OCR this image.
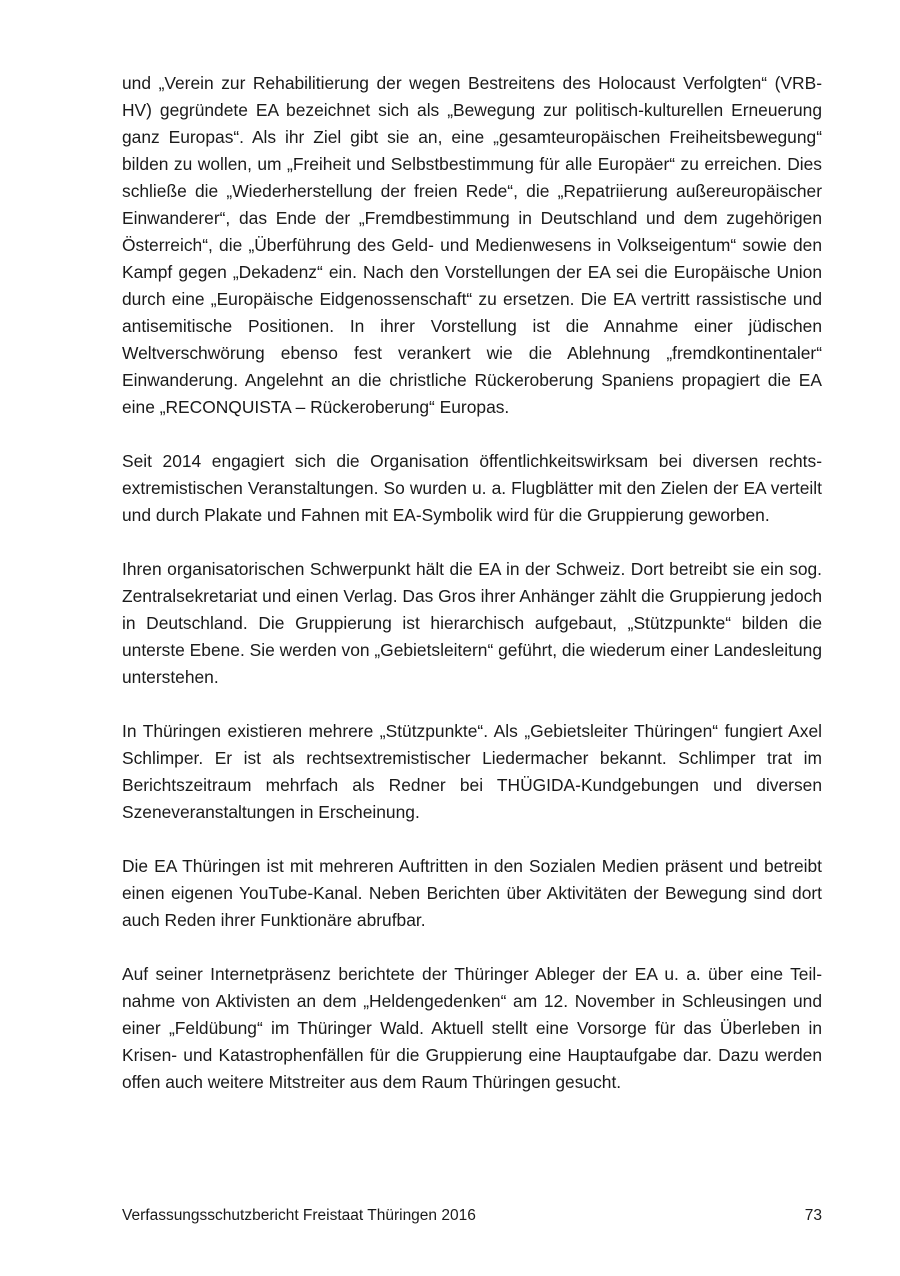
und „Verein zur Rehabilitierung der wegen Bestreitens des Holocaust Verfolgten“ (VRB-HV) gegründete EA bezeichnet sich als „Bewegung zur politisch-kulturellen Erneuerung ganz Europas“. Als ihr Ziel gibt sie an, eine „gesamteuropäischen Freiheitsbewegung“ bilden zu wollen, um „Freiheit und Selbstbestimmung für alle Europäer“ zu erreichen. Dies schließe die „Wiederherstellung der freien Rede“, die „Repatriierung außereuropäischer Einwanderer“, das Ende der „Fremdbestimmung in Deutschland und dem zugehörigen Österreich“, die „Überführung des Geld- und Medienwesens in Volkseigentum“ sowie den Kampf gegen „Dekadenz“ ein. Nach den Vorstellungen der EA sei die Europäische Union durch eine „Europäische Eidgenossenschaft“ zu ersetzen. Die EA vertritt rassistische und antisemitische Positionen. In ihrer Vorstellung ist die Annahme einer jüdischen Weltverschwörung ebenso fest verankert wie die Ablehnung „fremdkontinentaler“ Einwanderung. Angelehnt an die christliche Rückeroberung Spaniens propagiert die EA eine „RECONQUISTA – Rückeroberung“ Europas.

Seit 2014 engagiert sich die Organisation öffentlichkeitswirksam bei diversen rechtsextremistischen Veranstaltungen. So wurden u. a. Flugblätter mit den Zielen der EA verteilt und durch Plakate und Fahnen mit EA-Symbolik wird für die Gruppierung geworben.

Ihren organisatorischen Schwerpunkt hält die EA in der Schweiz. Dort betreibt sie ein sog. Zentralsekretariat und einen Verlag. Das Gros ihrer Anhänger zählt die Gruppierung jedoch in Deutschland. Die Gruppierung ist hierarchisch aufgebaut, „Stützpunkte“ bilden die unterste Ebene. Sie werden von „Gebietsleitern“ geführt, die wiederum einer Landesleitung unterstehen.

In Thüringen existieren mehrere „Stützpunkte“. Als „Gebietsleiter Thüringen“ fungiert Axel Schlimper. Er ist als rechtsextremistischer Liedermacher bekannt. Schlimper trat im Berichtszeitraum mehrfach als Redner bei THÜGIDA-Kundgebungen und diversen Szeneveranstaltungen in Erscheinung.

Die EA Thüringen ist mit mehreren Auftritten in den Sozialen Medien präsent und betreibt einen eigenen YouTube-Kanal. Neben Berichten über Aktivitäten der Bewegung sind dort auch Reden ihrer Funktionäre abrufbar.

Auf seiner Internetpräsenz berichtete der Thüringer Ableger der EA u. a. über eine Teilnahme von Aktivisten an dem „Heldengedenken“ am 12. November in Schleusingen und einer „Feldübung“ im Thüringer Wald. Aktuell stellt eine Vorsorge für das Überleben in Krisen- und Katastrophenfällen für die Gruppierung eine Hauptaufgabe dar. Dazu werden offen auch weitere Mitstreiter aus dem Raum Thüringen gesucht.

Verfassungsschutzbericht Freistaat Thüringen 2016	73
